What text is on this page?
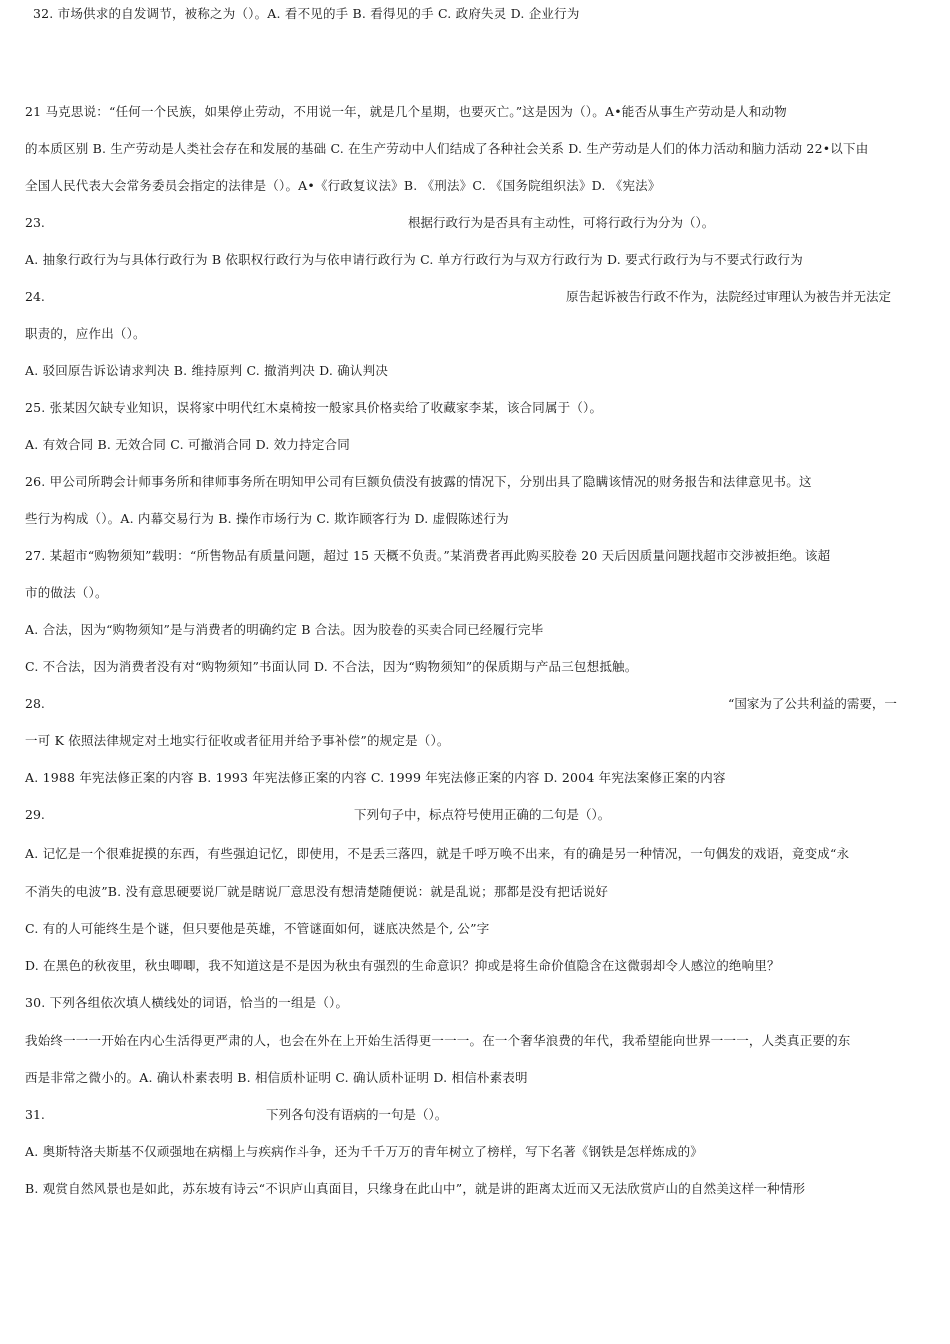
32. 市场供求的自发调节，被称之为（）。A. 看不见的手 B. 看得见的手 C. 政府失灵 D. 企业行为
21 马克思说：“任何一个民族，如果停止劳动，不用说一年，就是几个星期，也要灭亡。”这是因为（）。A•能否从事生产劳动是人和动物
的本质区别 B. 生产劳动是人类社会存在和发展的基础 C. 在生产劳动中人们结成了各种社会关系 D. 生产劳动是人们的体力活动和脑力活动 22•以下由
全国人民代表大会常务委员会指定的法律是（）。A•《行政复议法》B. 《刑法》C. 《国务院组织法》D. 《宪法》
23.	根据行政行为是否具有主动性，可将行政行为分为（）。
A. 抽象行政行为与具体行政行为 B 依职权行政行为与依申请行政行为 C. 单方行政行为与双方行政行为 D. 要式行政行为与不要式行政行为
24.	原告起诉被告行政不作为，法院经过审理认为被告并无法定
职责的，应作出（）。
A. 驳回原告诉讼请求判决 B. 维持原判 C. 撤消判决 D. 确认判决
25. 张某因欠缺专业知识，误将家中明代红木桌椅按一般家具价格卖给了收藏家李某，该合同属于（）。
A. 有效合同 B. 无效合同 C. 可撤消合同 D. 效力持定合同
26. 甲公司所聘会计师事务所和律师事务所在明知甲公司有巨额负债没有披露的情况下，分别出具了隐瞒该情况的财务报告和法律意见书。这
些行为构成（）。A. 内幕交易行为 B. 操作市场行为 C. 欺诈顾客行为 D. 虚假陈述行为
27. 某超市“购物须知”载明：“所售物品有质量问题，超过 15 天概不负责。”某消费者再此购买胶卷 20 天后因质量问题找超市交涉被拒绝。该超
市的做法（）。
A. 合法，因为“购物须知”是与消费者的明确约定 B 合法。因为胶卷的买卖合同已经履行完毕
C. 不合法，因为消费者没有对“购物须知”书面认同 D. 不合法，因为“购物须知”的保质期与产品三包想抵触。
28.	“国家为了公共利益的需要，一
一可 K 依照法律规定对土地实行征收或者征用并给予事补偿”的规定是（）。
A. 1988 年宪法修正案的内容 B. 1993 年宪法修正案的内容 C. 1999 年宪法修正案的内容 D. 2004 年宪法案修正案的内容
29.	下列句子中，标点符号使用正确的二句是（）。
A. 记忆是一个很难捉摸的东西，有些强迫记忆，即使用，不是丢三落四，就是千呼万唤不出来，有的确是另一种情况，一句偶发的戏语，竟变成“永
不消失的电波”B. 没有意思硬要说厂就是瞎说厂意思没有想清楚随便说：就是乱说；那都是没有把话说好
C. 有的人可能终生是个谜，但只要他是英雄，不管谜面如何，谜底决然是个, 公”字
D. 在黑色的秋夜里，秋虫唧唧，我不知道这是不是因为秋虫有强烈的生命意识？抑或是将生命价值隐含在这微弱却令人感泣的绝响里？
30. 下列各组依次填人横线处的词语，恰当的一组是（）。
我始终一一一开始在内心生活得更严肃的人，也会在外在上开始生活得更一一一。在一个奢华浪费的年代，我希望能向世界一一一，人类真正要的东
西是非常之微小的。A. 确认朴素表明 B. 相信质朴证明 C. 确认质朴证明 D. 相信朴素表明
31.	下列各句没有语病的一句是（）。
A. 奥斯特洛夫斯基不仅顽强地在病榻上与疾病作斗争，还为千千万万的青年树立了榜样，写下名著《钢铁是怎样炼成的》
B. 观赏自然风景也是如此，苏东坡有诗云“不识庐山真面目，只缘身在此山中”，就是讲的距离太近而又无法欣赏庐山的自然美这样一种情形
